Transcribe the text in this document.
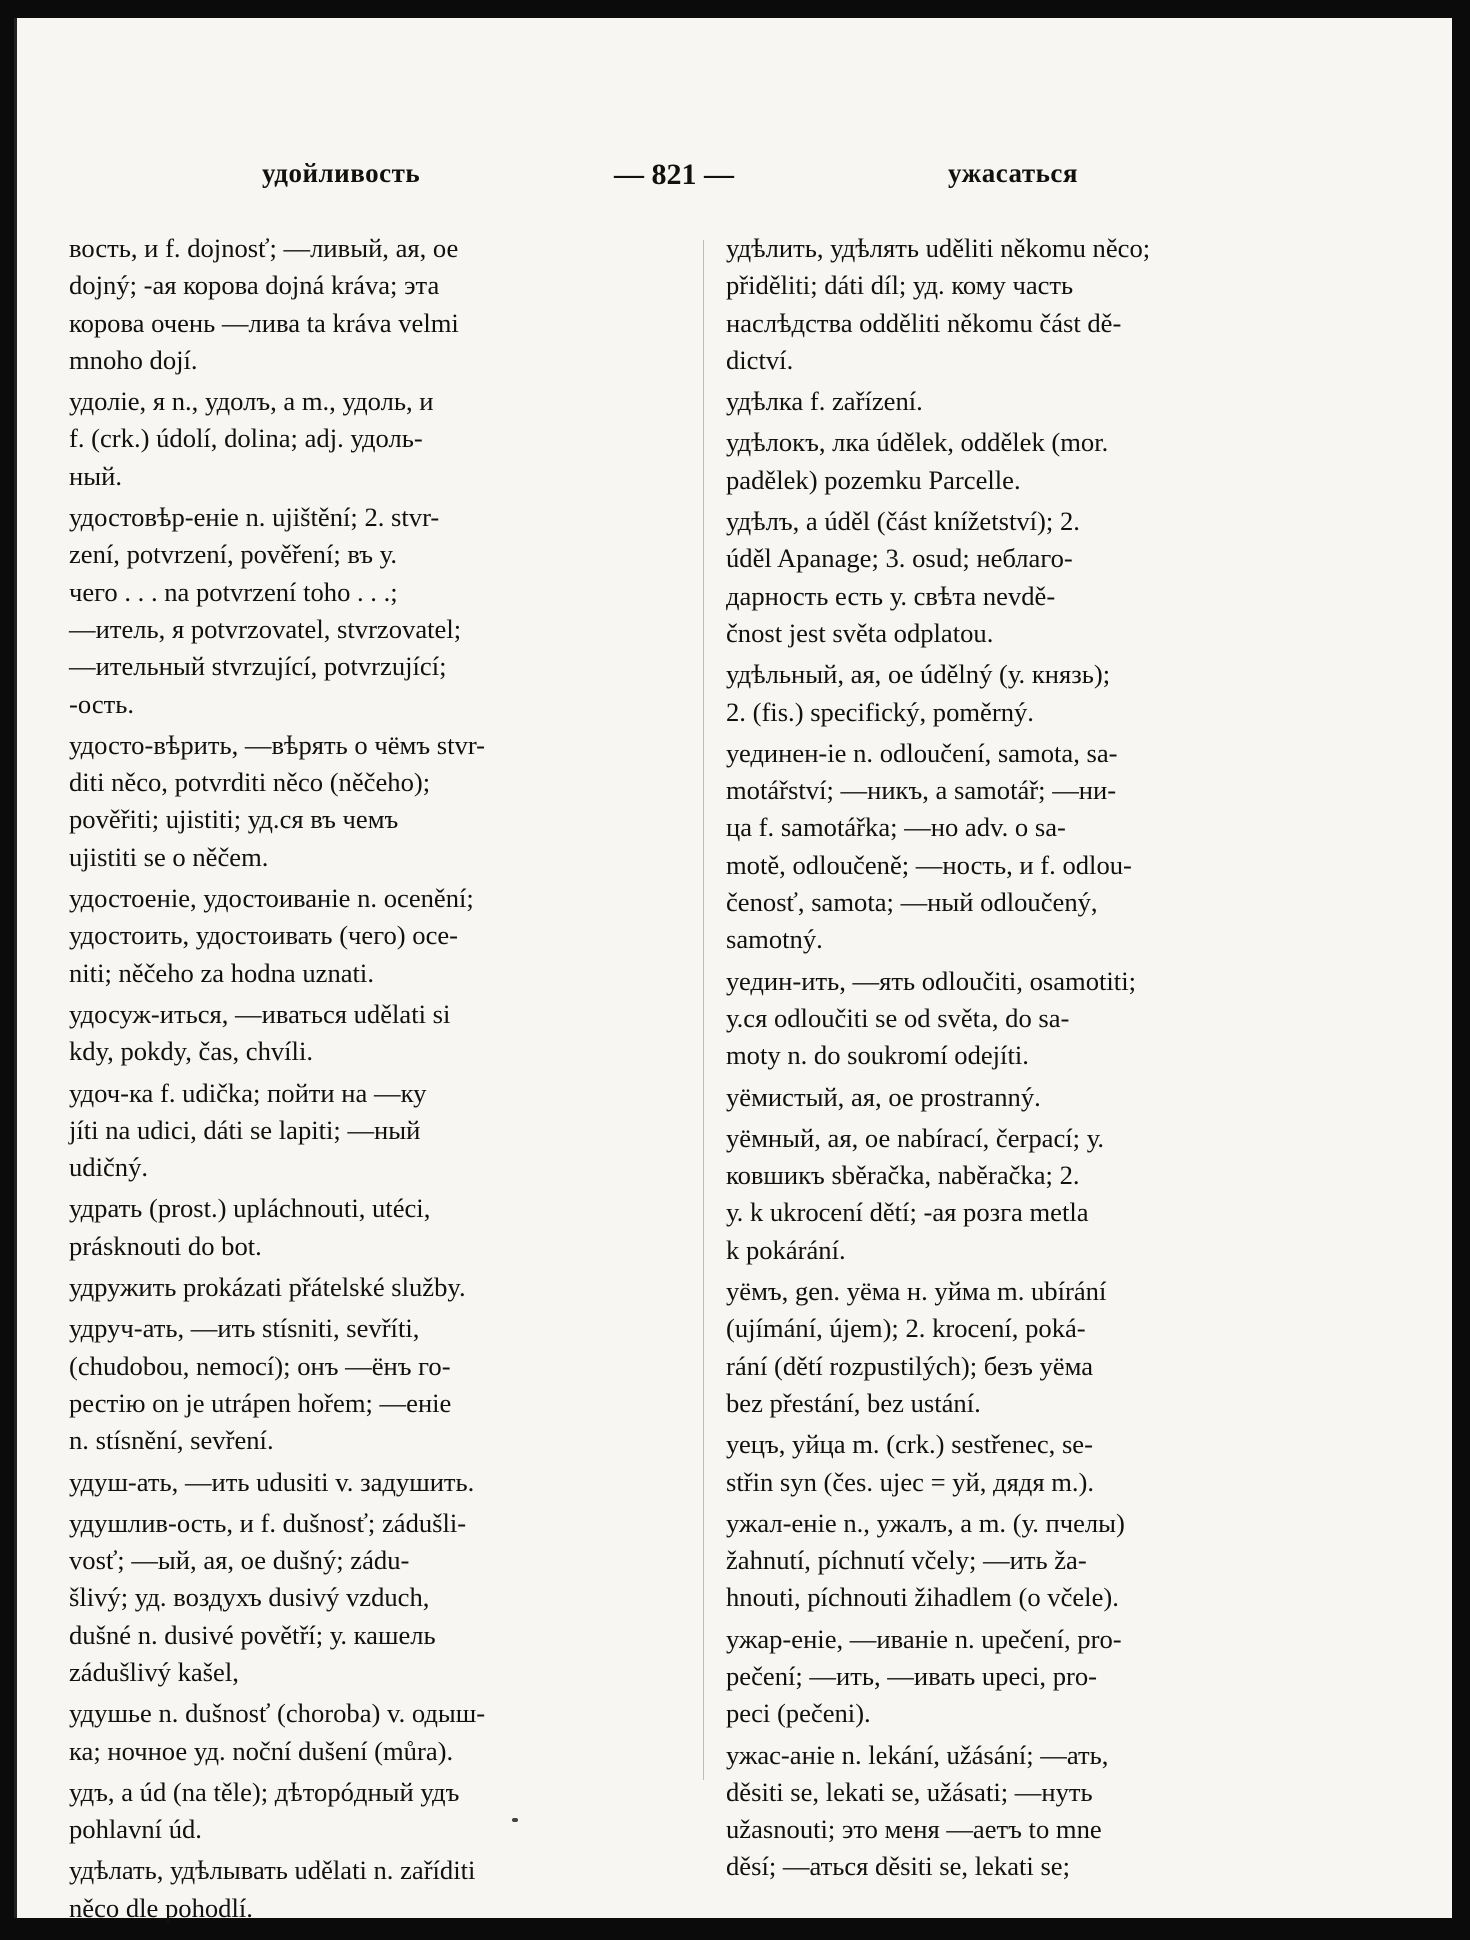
удойливость	— 821 —	ужасаться
вость, и f. dojnosť; —ливый, ая, ое
dojný; -ая корова dojná kráva; эта
корова очень —лива ta kráva velmi
mnoho dojí.
удоліе, я n., удолъ, а m., удоль, и
f. (crk.) údolí, dolina; adj. удоль-
ный.
удостовѣр-еніе n. ujištění; 2. stvr-
zení, potvrzení, pověření; въ у.
чего . . . na potvrzení toho . . .;
—итель, я potvrzovatel, stvrzovatel;
—ительный stvrzující, potvrzující;
-ость.
удосто-вѣрить, —вѣрять о чёмъ stvr-
diti něco, potvrditi něco (něčeho);
pověřiti; ujistiti; уд.ся въ чемъ
ujistiti se o něčem.
удостоеніе, удостоиваніе n. ocenění;
удостоить, удостоивать (чего) oce-
niti; něčeho za hodna uznati.
удосуж-иться, —иваться udělati si
kdy, pokdy, čas, chvíli.
удоч-ка f. udička; пойти на —ку
jíti na udici, dáti se lapiti; —ный
udičný.
удрать (prost.) upláchnouti, utéci,
prásknouti do bot.
удружить prokázati přátelské služby.
удруч-ать, —ить stísniti, sevříti,
(chudobou, nemocí); онъ —ёнъ го-
рестію on je utrápen hořem; —еніе
n. stísnění, sevření.
удуш-ать, —ить udusiti v. задушить.
удушлив-ость, и f. dušnosť; zádušli-
vosť; —ый, ая, ое dušný; zádu-
šlivý; уд. воздухъ dusivý vzduch,
dušné n. dusivé povětří; у. кашель
zádušlivý kašel,
удушье n. dušnosť (choroba) v. одыш-
ка; ночное уд. noční dušení (můra).
удъ, а úd (na těle); дѣторóдный удъ
pohlavní úd.
удѣлать, удѣлывать udělati n. zaříditi
něco dle pohodlí.
удѣлить, удѣлять uděliti někomu něco;
přiděliti; dáti díl; уд. кому часть
наслѣдства odděliti někomu část dě-
dictví.
удѣлка f. zařízení.
удѣлокъ, лка údělek, oddělek (mor.
padělek) pozemku Parcelle.
удѣлъ, а úděl (část knížetství); 2.
úděl Apanage; 3. osud; неблаго-
дарность есть у. свѣта nevdě-
čnost jest světa odplatou.
удѣльный, ая, ое údělný (у. князь);
2. (fis.) specifický, poměrný.
уединен-іе n. odloučení, samota, sa-
motářství; —никъ, а samotář; —ни-
ца f. samotářka; —но adv. o sa-
motě, odloučeně; —ность, и f. odlou-
čenosť, samota; —ный odloučený,
samotný.
уедин-ить, —ять odloučiti, osamotiti;
у.ся odloučiti se od světa, do sa-
moty n. do soukromí odejíti.
уёмистый, ая, ое prostranný.
уёмный, ая, ое nabírací, čerpací; у.
ковшикъ sběračka, naběračka; 2.
у. k ukrocení dětí; -ая розга metla
k pokárání.
уёмъ, gen. уёма н. уйма m. ubírání
(ujímání, újem); 2. krocení, poká-
rání (dětí rozpustilých); безъ уёма
bez přestání, bez ustání.
уецъ, уйца m. (crk.) sestřenec, se-
střin syn (čes. ujec = уй, дядя m.).
ужал-еніе n., ужалъ, а m. (у. пчелы)
žahnutí, píchnutí včely; —ить ža-
hnouti, píchnouti žihadlem (o včele).
ужар-еніе, —иваніе n. upečení, pro-
pečení; —ить, —ивать upeci, pro-
peci (pečeni).
ужас-аніе n. lekání, užásání; —ать,
děsiti se, lekati se, užásati; —нуть
užasnouti; это меня —аетъ to mne
děsí; —аться děsiti se, lekati se;
